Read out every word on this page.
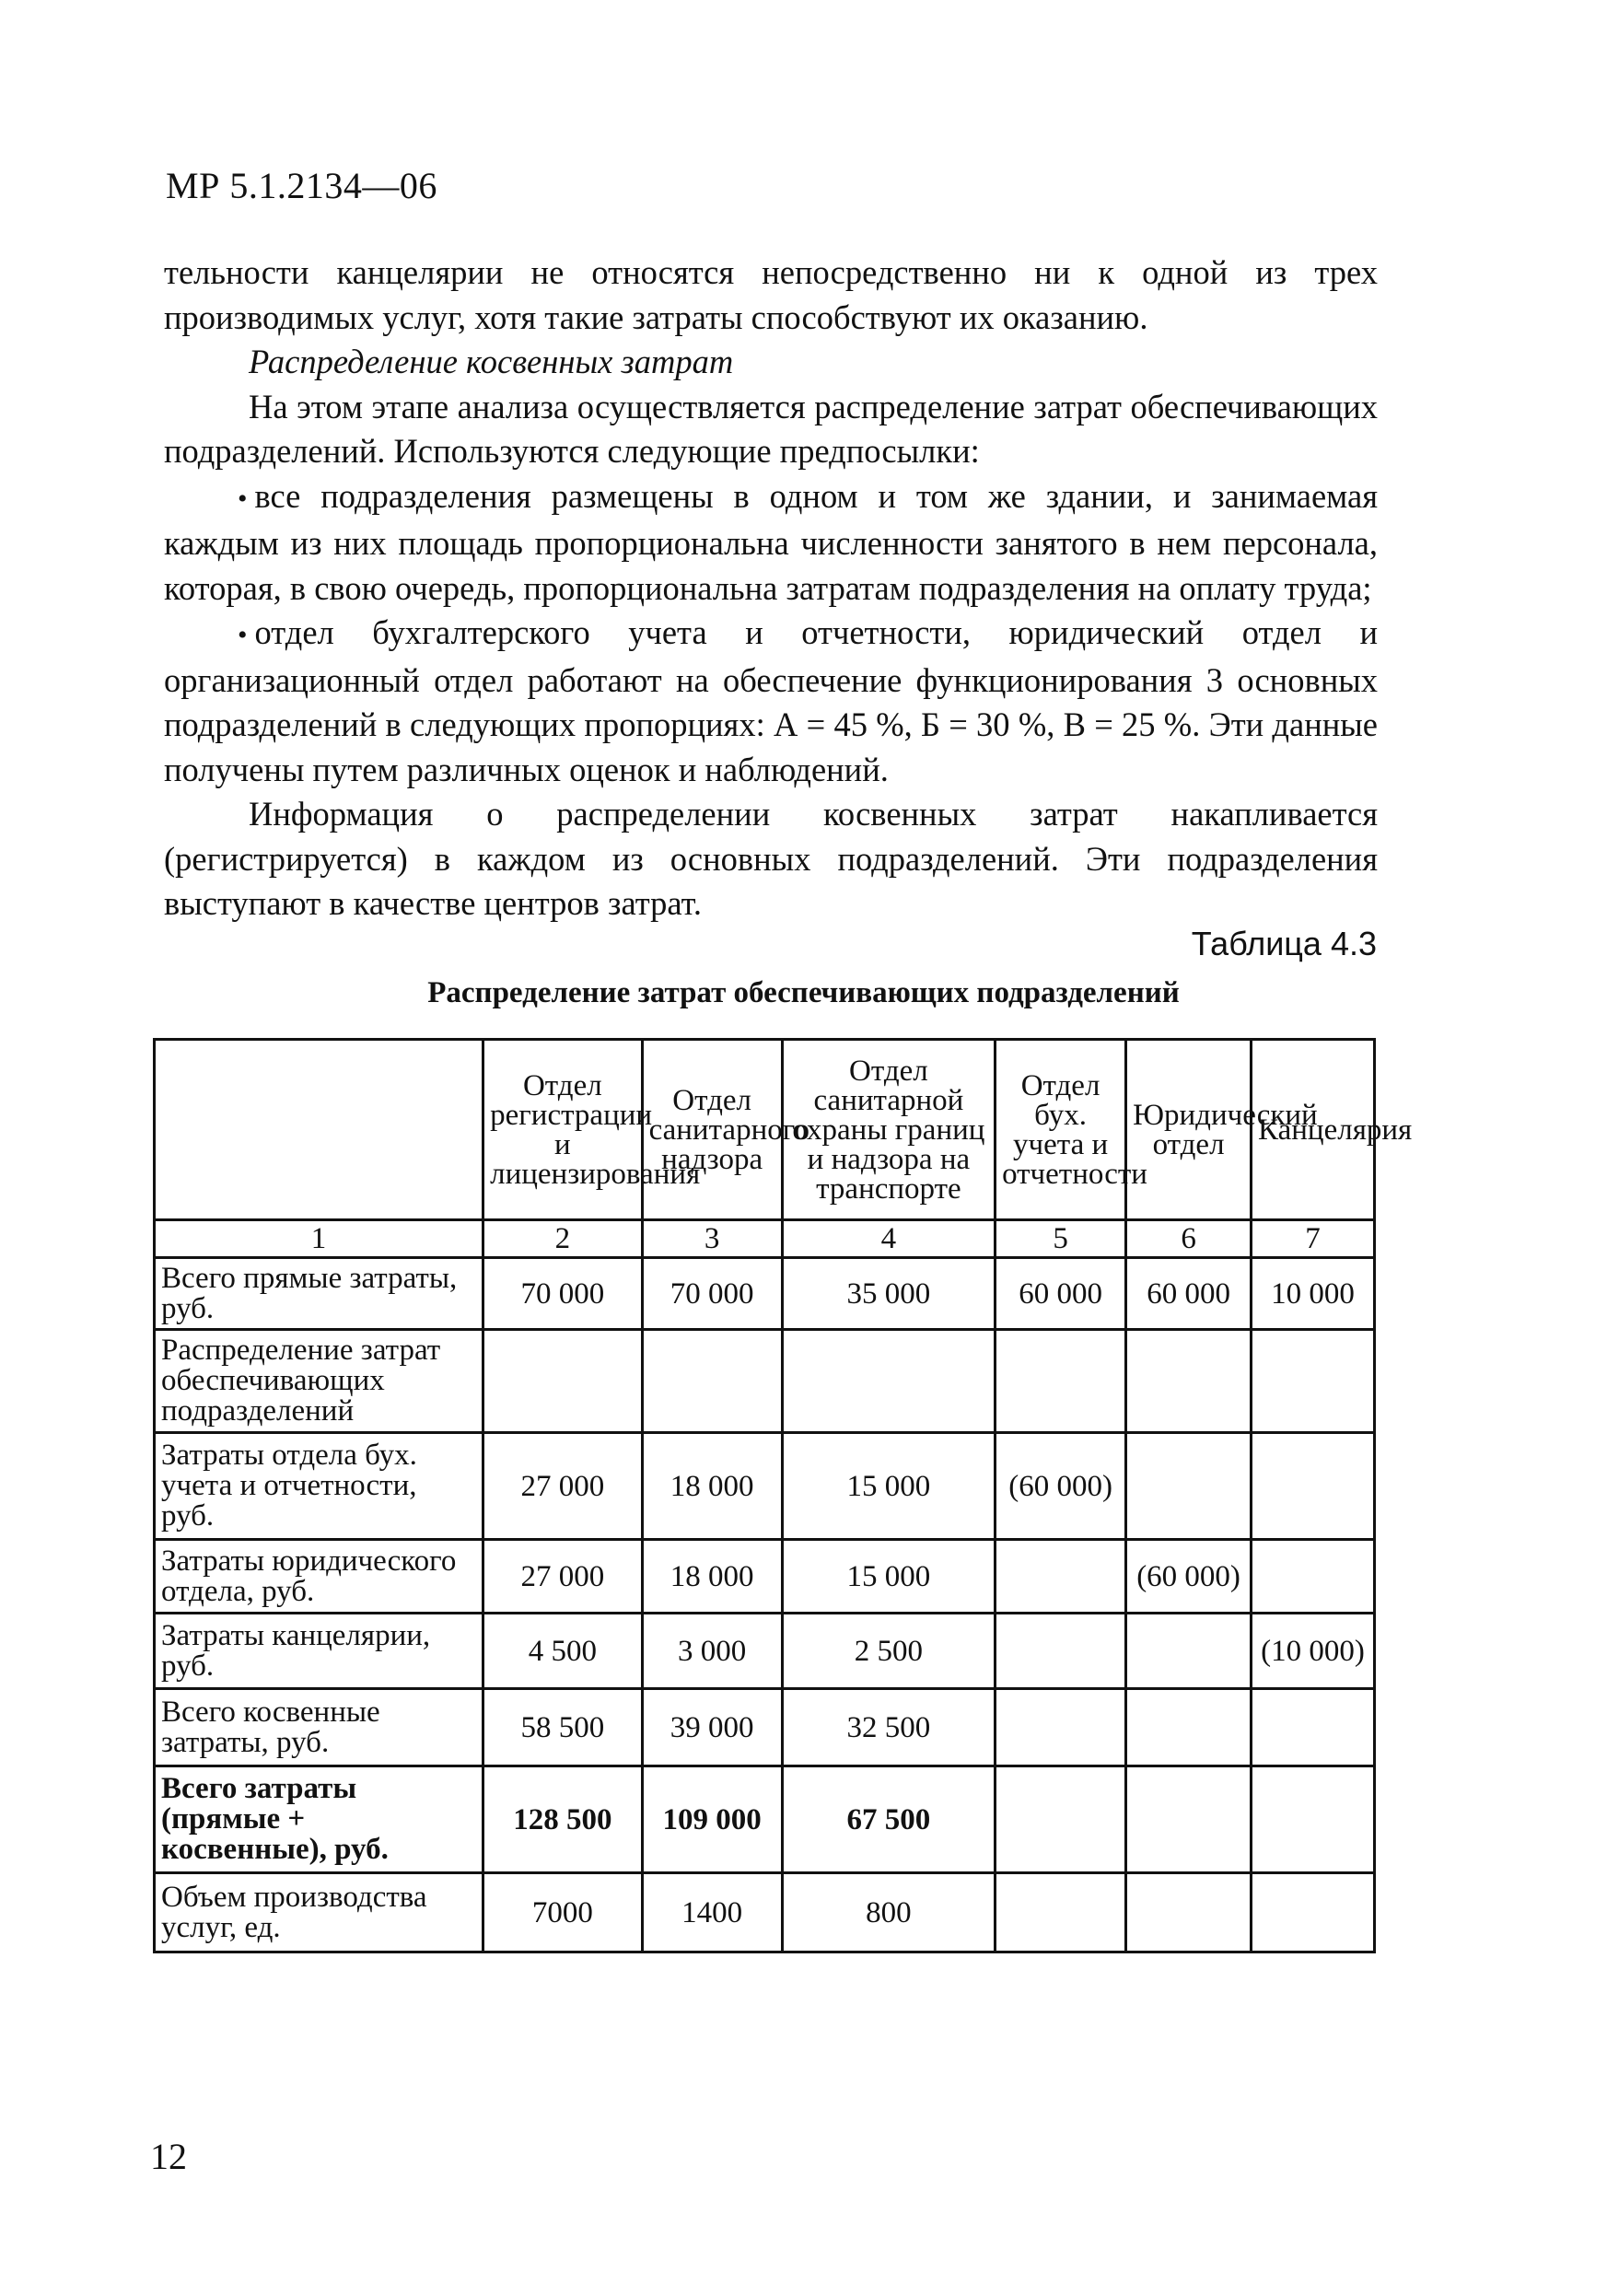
МР 5.1.2134—06

тельности канцелярии не относятся непосредственно ни к одной из трех производимых услуг, хотя такие затраты способствуют их оказанию.

Распределение косвенных затрат

На этом этапе анализа осуществляется распределение затрат обеспечивающих подразделений. Используются следующие предпосылки:

• все подразделения размещены в одном и том же здании, и занимаемая каждым из них площадь пропорциональна численности занятого в нем персонала, которая, в свою очередь, пропорциональна затратам подразделения на оплату труда;

• отдел бухгалтерского учета и отчетности, юридический отдел и организационный отдел работают на обеспечение функционирования 3 основных подразделений в следующих пропорциях: А = 45 %, Б = 30 %, В = 25 %. Эти данные получены путем различных оценок и наблюдений.

Информация о распределении косвенных затрат накапливается (регистрируется) в каждом из основных подразделений. Эти подразделения выступают в качестве центров затрат.

Таблица 4.3
Распределение затрат обеспечивающих подразделений
	Отдел регистрации и лицензирования	Отдел санитарного надзора	Отдел санитарной охраны границ и надзора на транспорте	Отдел бух. учета и отчетности	Юридический отдел	Канцелярия
1	2	3	4	5	6	7
Всего прямые затраты, руб.	70 000	70 000	35 000	60 000	60 000	10 000
Распределение затрат обеспечивающих подразделений						
Затраты отдела бух. учета и отчетности, руб.	27 000	18 000	15 000	(60 000)		
Затраты юридического отдела, руб.	27 000	18 000	15 000		(60 000)	
Затраты канцелярии, руб.	4 500	3 000	2 500			(10 000)
Всего косвенные затраты, руб.	58 500	39 000	32 500			
Всего затраты (прямые + косвенные), руб.	128 500	109 000	67 500			
Объем производства услуг, ед.	7000	1400	800			
12
